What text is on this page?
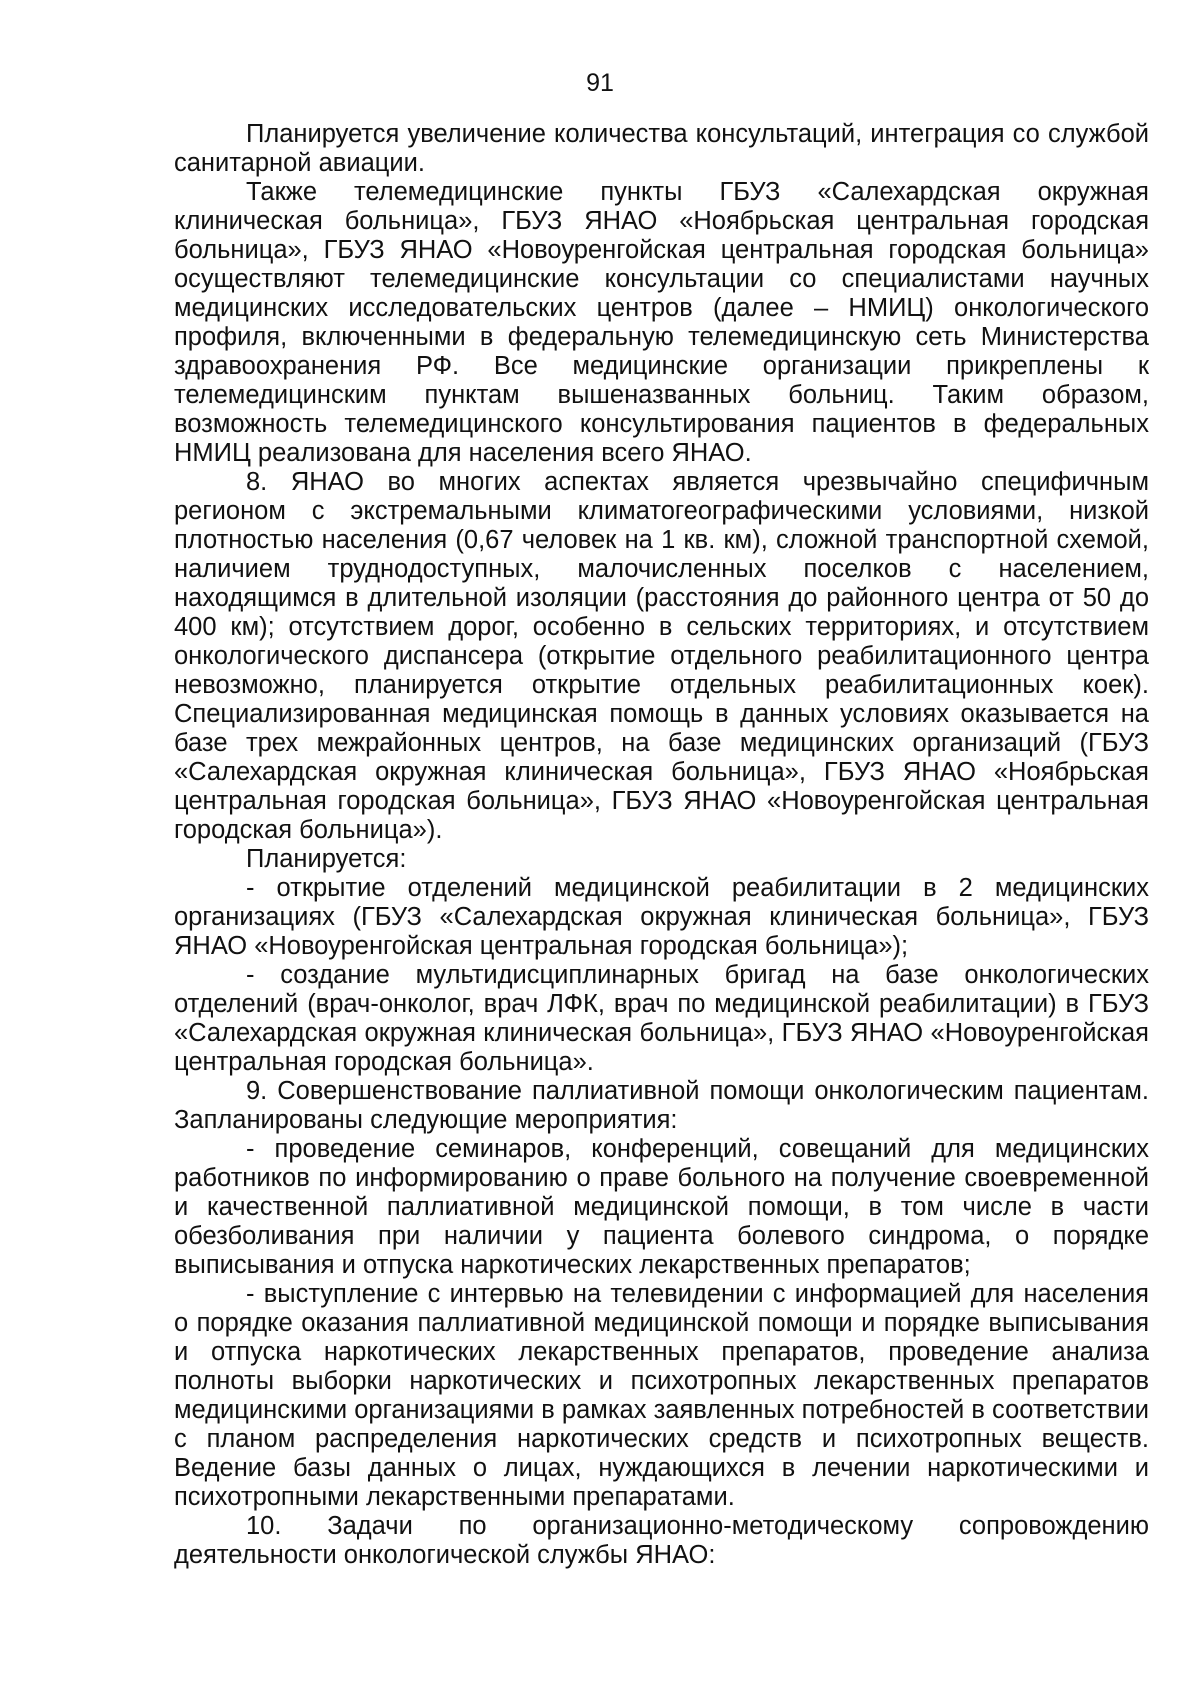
91

Планируется увеличение количества консультаций, интеграция со службой санитарной авиации.

Также телемедицинские пункты ГБУЗ «Салехардская окружная клиническая больница», ГБУЗ ЯНАО «Ноябрьская центральная городская больница», ГБУЗ ЯНАО «Новоуренгойская центральная городская больница» осуществляют телемедицинские консультации со специалистами научных медицинских исследовательских центров (далее – НМИЦ) онкологического профиля, включенными в федеральную телемедицинскую сеть Министерства здравоохранения РФ. Все медицинские организации прикреплены к телемедицинским пунктам вышеназванных больниц. Таким образом, возможность телемедицинского консультирования пациентов в федеральных НМИЦ реализована для населения всего ЯНАО.

8. ЯНАО во многих аспектах является чрезвычайно специфичным регионом с экстремальными климатогеографическими условиями, низкой плотностью населения (0,67 человек на 1 кв. км), сложной транспортной схемой, наличием труднодоступных, малочисленных поселков с населением, находящимся в длительной изоляции (расстояния до районного центра от 50 до 400 км); отсутствием дорог, особенно в сельских территориях, и отсутствием онкологического диспансера (открытие отдельного реабилитационного центра невозможно, планируется открытие отдельных реабилитационных коек). Специализированная медицинская помощь в данных условиях оказывается на базе трех межрайонных центров, на базе медицинских организаций (ГБУЗ «Салехардская окружная клиническая больница», ГБУЗ ЯНАО «Ноябрьская центральная городская больница», ГБУЗ ЯНАО «Новоуренгойская центральная городская больница»).

Планируется:

- открытие отделений медицинской реабилитации в 2 медицинских организациях (ГБУЗ «Салехардская окружная клиническая больница», ГБУЗ ЯНАО «Новоуренгойская центральная городская больница»);

- создание мультидисциплинарных бригад на базе онкологических отделений (врач-онколог, врач ЛФК, врач по медицинской реабилитации) в ГБУЗ «Салехардская окружная клиническая больница», ГБУЗ ЯНАО «Новоуренгойская центральная городская больница».

9. Совершенствование паллиативной помощи онкологическим пациентам. Запланированы следующие мероприятия:

- проведение семинаров, конференций, совещаний для медицинских работников по информированию о праве больного на получение своевременной и качественной паллиативной медицинской помощи, в том числе в части обезболивания при наличии у пациента болевого синдрома, о порядке выписывания и отпуска наркотических лекарственных препаратов;

- выступление с интервью на телевидении с информацией для населения о порядке оказания паллиативной медицинской помощи и порядке выписывания и отпуска наркотических лекарственных препаратов, проведение анализа полноты выборки наркотических и психотропных лекарственных препаратов медицинскими организациями в рамках заявленных потребностей в соответствии с планом распределения наркотических средств и психотропных веществ. Ведение базы данных о лицах, нуждающихся в лечении наркотическими и психотропными лекарственными препаратами.

10. Задачи по организационно-методическому сопровождению деятельности онкологической службы ЯНАО:
